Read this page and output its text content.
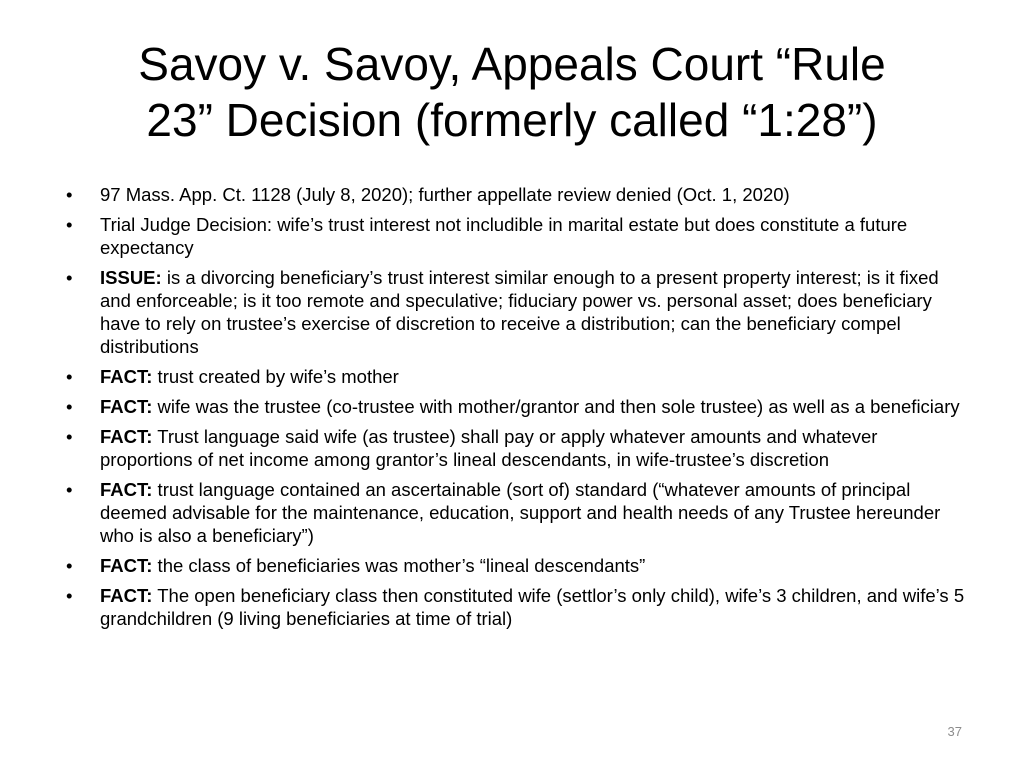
Savoy v. Savoy, Appeals Court “Rule
23” Decision (formerly called “1:28”)
•	97 Mass. App. Ct. 1128 (July 8, 2020); further appellate review denied (Oct. 1, 2020)
•	Trial Judge Decision: wife’s trust interest not includible in marital estate but does constitute a future expectancy
•	ISSUE: is a divorcing beneficiary’s trust interest similar enough to a present property interest; is it fixed and enforceable; is it too remote and speculative; fiduciary power vs. personal asset; does beneficiary have to rely on trustee’s exercise of discretion to receive a distribution; can the beneficiary compel distributions
•	FACT: trust created by wife’s mother
•	FACT: wife was the trustee (co-trustee with mother/grantor and then sole trustee) as well as a beneficiary
•	FACT: Trust language said wife (as trustee) shall pay or apply whatever amounts and whatever proportions of net income among grantor’s lineal descendants, in wife-trustee’s discretion
•	FACT: trust language contained an ascertainable (sort of) standard (“whatever amounts of principal deemed advisable for the maintenance, education, support and health needs of any Trustee hereunder who is also a beneficiary”)
•	FACT: the class of beneficiaries was mother’s “lineal descendants”
•	FACT: The open beneficiary class then constituted wife (settlor’s only child), wife’s 3 children, and wife’s 5 grandchildren (9 living beneficiaries at time of trial)
37
